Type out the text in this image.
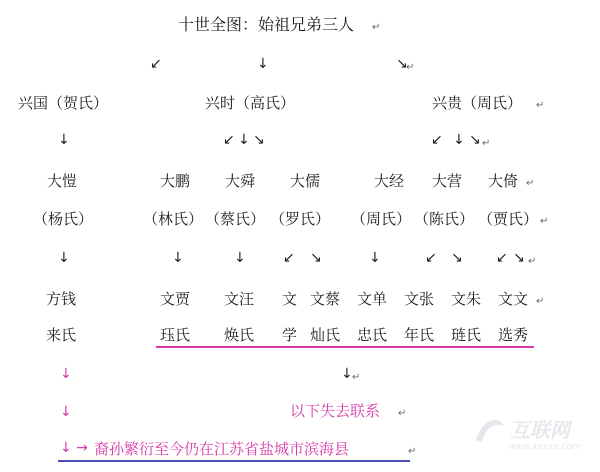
十世全图：始祖兄弟三人 ↵
↙	↓	↘
↵
兴国（贺氏）	兴时（高氏）	兴贵（周氏） ↵
↓	↙ ↓ ↘	↙ ↓ ↘ ↵
大愷	大鹏 大舜 大儒	大经 大营 大倚 ↵
（杨氏）	（林氏） （蔡氏） （罗氏） （周氏） （陈氏） （贾氏） ↵
↓	↓	↓	↙ ↘	↓	↙ ↘ ↙ ↘ ↵
方钱	文贾 文汪 文 文蔡 文单 文张 文朱 文文 ↵
来氏	珏氏 焕氏 学 灿氏 忠氏 年氏 琏氏 选秀
↓	↓ ↵
↓	以下失去联系 ↵
↓ → 裔孙繁衍至今仍在江苏省盐城市滨海县	↵
互联网
www.xxxxx.com
